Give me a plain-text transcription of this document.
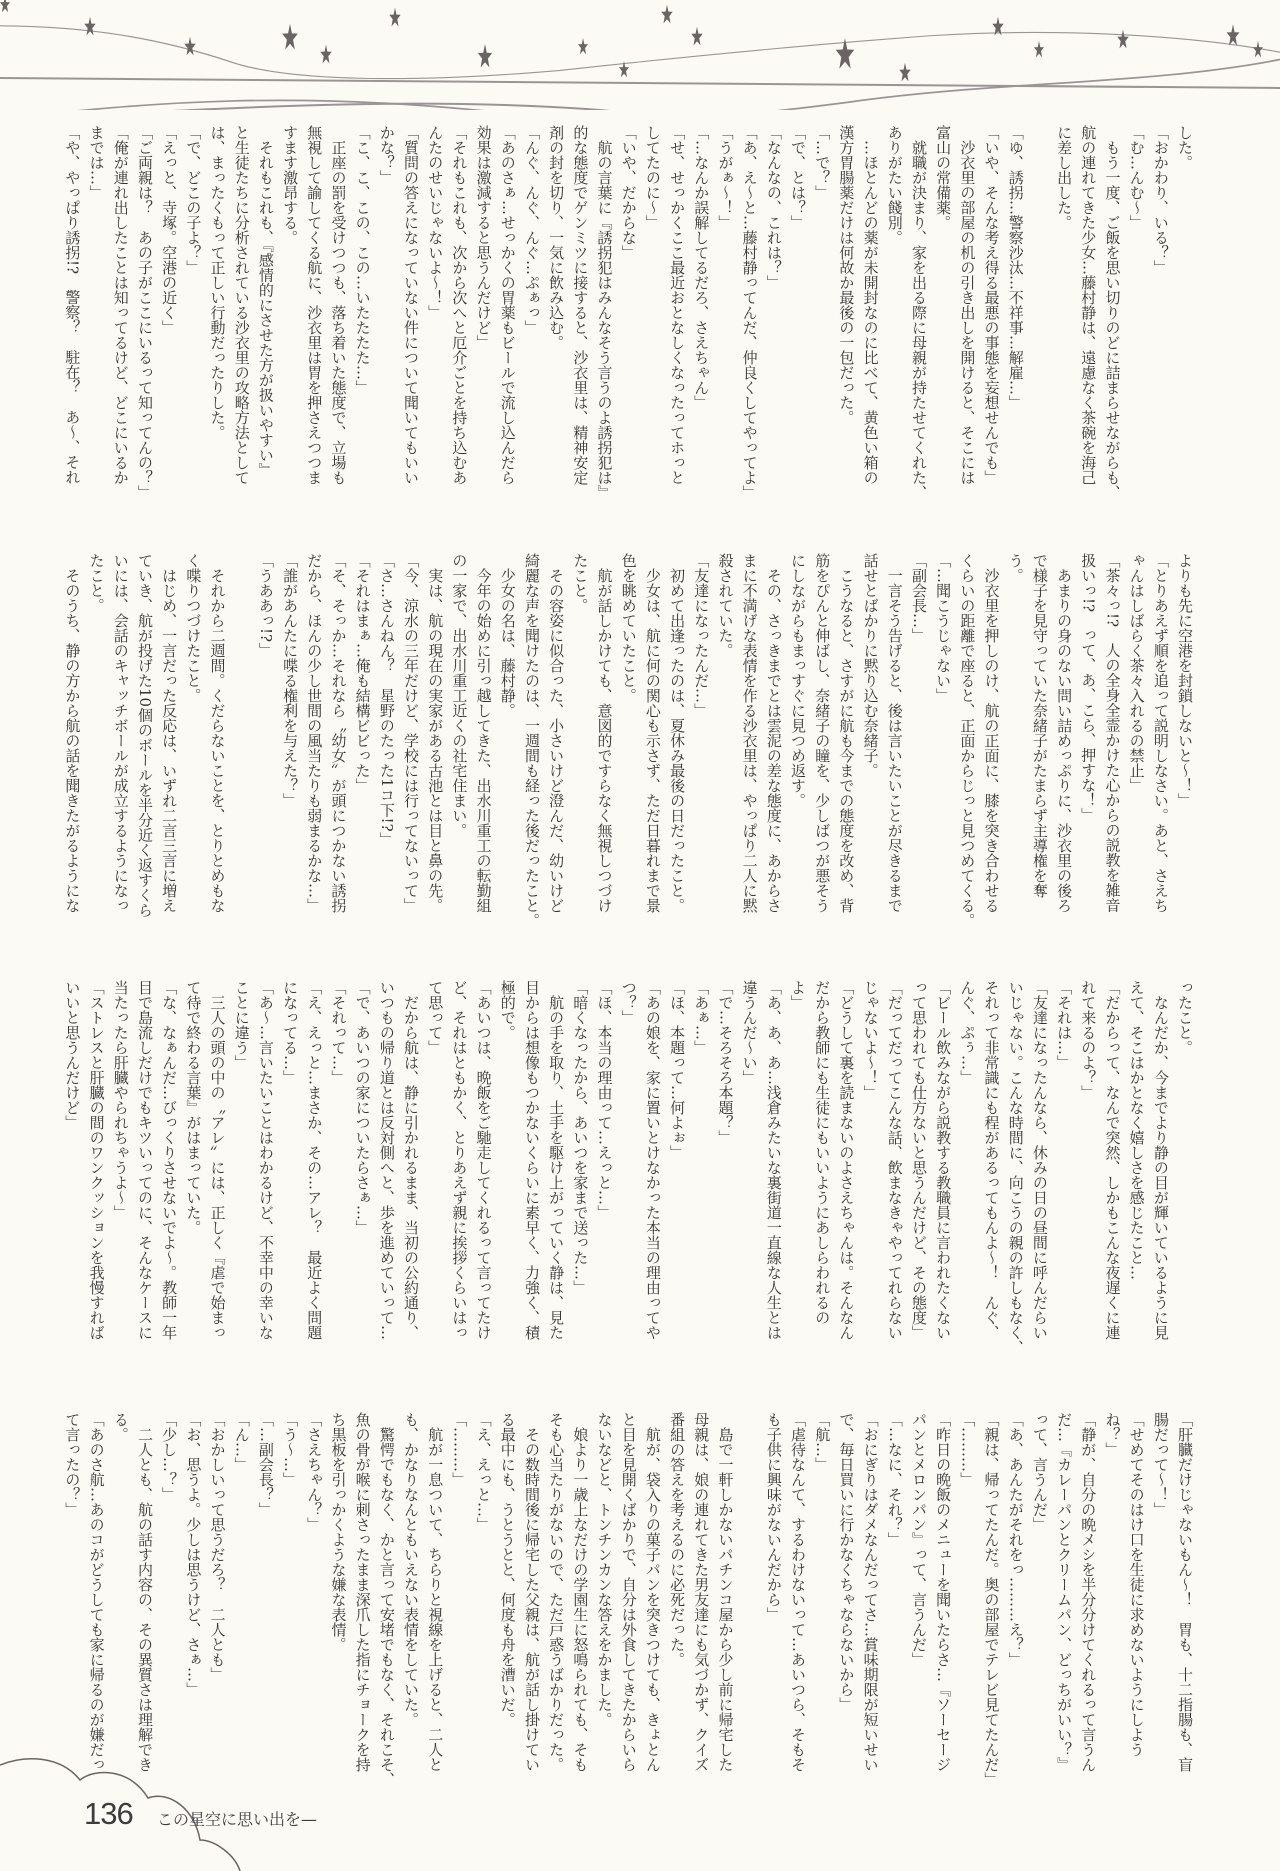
した。
「おかわり、いる？」
「む…んむ〜」
　もう一度、ご飯を思い切りのどに詰まらせながらも、
航の連れてきた少女…藤村静は、遠慮なく茶碗を海己
に差し出した。
「ゆ、誘拐…警察沙汰…不祥事…解雇…」
「いや、そんな考え得る最悪の事態を妄想せんでも」
　沙衣里の部屋の机の引き出しを開けると、そこには
富山の常備薬。
　就職が決まり、家を出る際に母親が持たせてくれた、
ありがたい餞別。
　…ほとんどの薬が未開封なのに比べて、黄色い箱の
漢方胃腸薬だけは何故か最後の一包だった。
「…で？」
「で、とは？」
「なんなの、これは？」
「あ、え〜と…藤村静ってんだ、仲良くしてやってよ」
「うがぁ〜！」
「…なんか誤解してるだろ、さえちゃん」
「せ、せっかくここ最近おとなしくなったってホっと
してたのに〜」
「いや、だからな」
　航の言葉に『誘拐犯はみんなそう言うのよ誘拐犯は』
的な態度でゲンミツに接すると、沙衣里は、精神安定
剤の封を切り、一気に飲み込む。
「んぐ、んぐ、んぐ…ぷぁっ」
「あのさぁ…せっかくの胃薬もビールで流し込んだら
効果は激減すると思うんだけど」
「それもこれも、次から次へと厄介ごとを持ち込むあ
んたのせいじゃないよ〜！」
「質問の答えになっていない件について聞いてもいい
かな？」
「こ、こ、この、この…いたたたた…」
　正座の罰を受けつつも、落ち着いた態度で、立場も
無視して諭してくる航に、沙衣里は胃を押さえつつま
すます激昂する。
　それもこれも、『感情的にさせた方が扱いやすい』
と生徒たちに分析されている沙衣里の攻略方法として
は、まったくもって正しい行動だったりした。
「で、どこの子よ？」
「えっと、寺塚。空港の近く」
「ご両親は？　あの子がここにいるって知ってんの？」
「俺が連れ出したことは知ってるけど、どこにいるか
までは…」
「や、やっぱり誘拐!?　警察？　駐在？　あ〜、それ
よりも先に空港を封鎖しないと〜！」
「とりあえず順を追って説明しなさい。あと、さえち
ゃんはしばらく茶々入れるの禁止」
「茶々っ!?　人の全身全霊かけた心からの説教を雑音
扱いっ!?　って、あ、こら、押すな！」
　あまりの身のない問い詰めっぷりに、沙衣里の後ろ
で様子を見守っていた奈緒子がたまらず主導権を奪
う。
　沙衣里を押しのけ、航の正面に、膝を突き合わせる
くらいの距離で座ると、正面からじっと見つめてくる。
「…聞こうじゃない」
「副会長…」
　一言そう告げると、後は言いたいことが尽きるまで
話せとばかりに黙り込む奈緒子。
　こうなると、さすがに航も今までの態度を改め、背
筋をぴんと伸ばし、奈緒子の瞳を、少しばつが悪そう
にしながらもまっすぐに見つめ返す。
　その、さっきまでとは雲泥の差な態度に、あからさ
まに不満げな表情を作る沙衣里は、やっぱり二人に黙
殺されていた。
「友達になったんだ…」
　初めて出逢ったのは、夏休み最後の日だったこと。
　少女は、航に何の関心も示さず、ただ日暮れまで景
色を眺めていたこと。
　航が話しかけても、意図的ですらなく無視しつづけ
たこと。
　その容姿に似合った、小さいけど澄んだ、幼いけど
綺麗な声を聞けたのは、一週間も経った後だったこと。
　少女の名は、藤村静。
　今年の始めに引っ越してきた、出水川重工の転勤組
の一家で、出水川重工近くの社宅住まい。
　実は、航の現在の実家がある古池とは目と鼻の先。
「今、涼水の三年だけど、学校には行ってないって」
「さ…さんねん？　星野のたった1コ下!?」
「それはまぁ…俺も結構ビビった」
「そ、そっか…それなら〝幼女〟が頭につかない誘拐
だから、ほんの少し世間の風当たりも弱まるかな…」
「誰があんたに喋る権利を与えた？」
「うああっ!?」
　それから二週間。くだらないことを、とりとめもな
く喋りつづけたこと。
　はじめ、一言だった反応は、いずれ二言三言に増え
ていき、航が投げた10個のボールを半分近く返すくら
いには、会話のキャッチボールが成立するようになっ
たこと。
　そのうち、静の方から航の話を聞きたがるようにな
ったこと。
　なんだか、今までより静の目が輝いているように見
えて、そこはかとなく嬉しさを感じたこと…
「だからって、なんで突然、しかもこんな夜遅くに連
れて来るのよ？」
「それは…」
「友達になったんなら、休みの日の昼間に呼んだらい
いじゃない。こんな時間に、向こうの親の許しもなく、
それって非常識にも程があるってもんよ〜！　んぐ、
んぐ、ぷぅ…」
「ビール飲みながら説教する教職員に言われたくない
って思われても仕方ないと思うんだけど、その態度」
「だってだってこんな話、飲まなきゃやってれらない
じゃないよ〜！」
「どうして裏を読まないのよさえちゃんは。そんなん
だから教師にも生徒にもいいようにあしらわれるの
よ」
「あ、あ、あ…浅倉みたいな裏街道一直線な人生とは
違うんだ〜い」
「で…そろそろ本題？」
「あぁ…」
「ほ、本題って…何よぉ」
「あの娘を、家に置いとけなかった本当の理由ってや
つ？」
「ほ、本当の理由って…えっと…」
「暗くなったから、あいつを家まで送った…」
　航の手を取り、土手を駆け上がっていく静は、見た
目からは想像もつかないくらいに素早く、力強く、積
極的で。
「あいつは、晩飯をご馳走してくれるって言ってたけ
ど、それはともかく、とりあえず親に挨拶くらいはっ
て思って」
　だから航は、静に引かれるまま、当初の公約通り、
いつもの帰り道とは反対側へと、歩を進めていって…
「で、あいつの家についたらさぁ…」
「それって…」
「え、えっと…まさか、その…アレ？　最近よく問題
になってる…」
「あ〜…言いたいことはわかるけど、不幸中の幸いな
ことに違う」
　三人の頭の中の〝アレ〟には、正しく『虐で始まっ
て待で終わる言葉』がはまっていた。
「な、なぁんだ…びっくりさせないでよ〜。教師一年
目で島流しだけでもキツいってのに、そんなケースに
当たったら肝臓やられちゃうよ〜」
「ストレスと肝臓の間のワンクッションを我慢すれば
いいと思うんだけど」
「肝臓だけじゃないもん〜！　胃も、十二指腸も、盲
腸だって〜！」
「せめてそのはけ口を生徒に求めないようにしよう
ね？」
「静が、自分の晩メシを半分分けてくれるって言うん
だ…『カレーパンとクリームパン、どっちがいい？』
って、言うんだ」
「あ、あんたがそれをっ………え？」
「親は、帰ってたんだ。奥の部屋でテレビ見てたんだ」
「………」
「昨日の晩飯のメニューを聞いたらさ…『ソーセージ
パンとメロンパン』って、言うんだ」
「…なに、それ？」
「おにぎりはダメなんだってさ…賞味期限が短いせい
で、毎日買いに行かなくちゃならないから」
「航…」
「虐待なんて、するわけないって…あいつら、そもそ
も子供に興味がないんだから」
　島で一軒しかないパチンコ屋から少し前に帰宅した
母親は、娘の連れてきた男友達にも気づかず、クイズ
番組の答えを考えるのに必死だった。
　航が、袋入りの菓子パンを突きつけても、きょとん
と目を見開くばかりで、自分は外食してきたからいら
ないなどと、トンチンカンな答えをかました。
　娘より一歳上なだけの学園生に怒鳴られても、そも
そも心当たりがないので、ただ戸惑うばかりだった。
　その数時間後に帰宅した父親は、航が話し掛けてい
る最中にも、うとうとと、何度も舟を漕いだ。
「え、えっと…」
「………」
　航が一息ついて、ちらりと視線を上げると、二人と
も、かなりなんともいえない表情をしていた。
　驚愕でもなく、かと言って安堵でもなく、それこそ、
魚の骨が喉に刺さったまま深爪した指にチョークを持
ち黒板を引っかくような嫌な表情。
「さえちゃん？」
「う〜…」
「…副会長？」
「ん…」
「おかしいって思うだろ？　二人とも」
「お、思うよ。少しは思うけど、さぁ…」
「少し…？」
　二人とも、航の話す内容の、その異質さは理解でき
る。
「あのさ航…あのコがどうしても家に帰るのが嫌だっ
て言ったの？」
136 この星空に思い出を—
